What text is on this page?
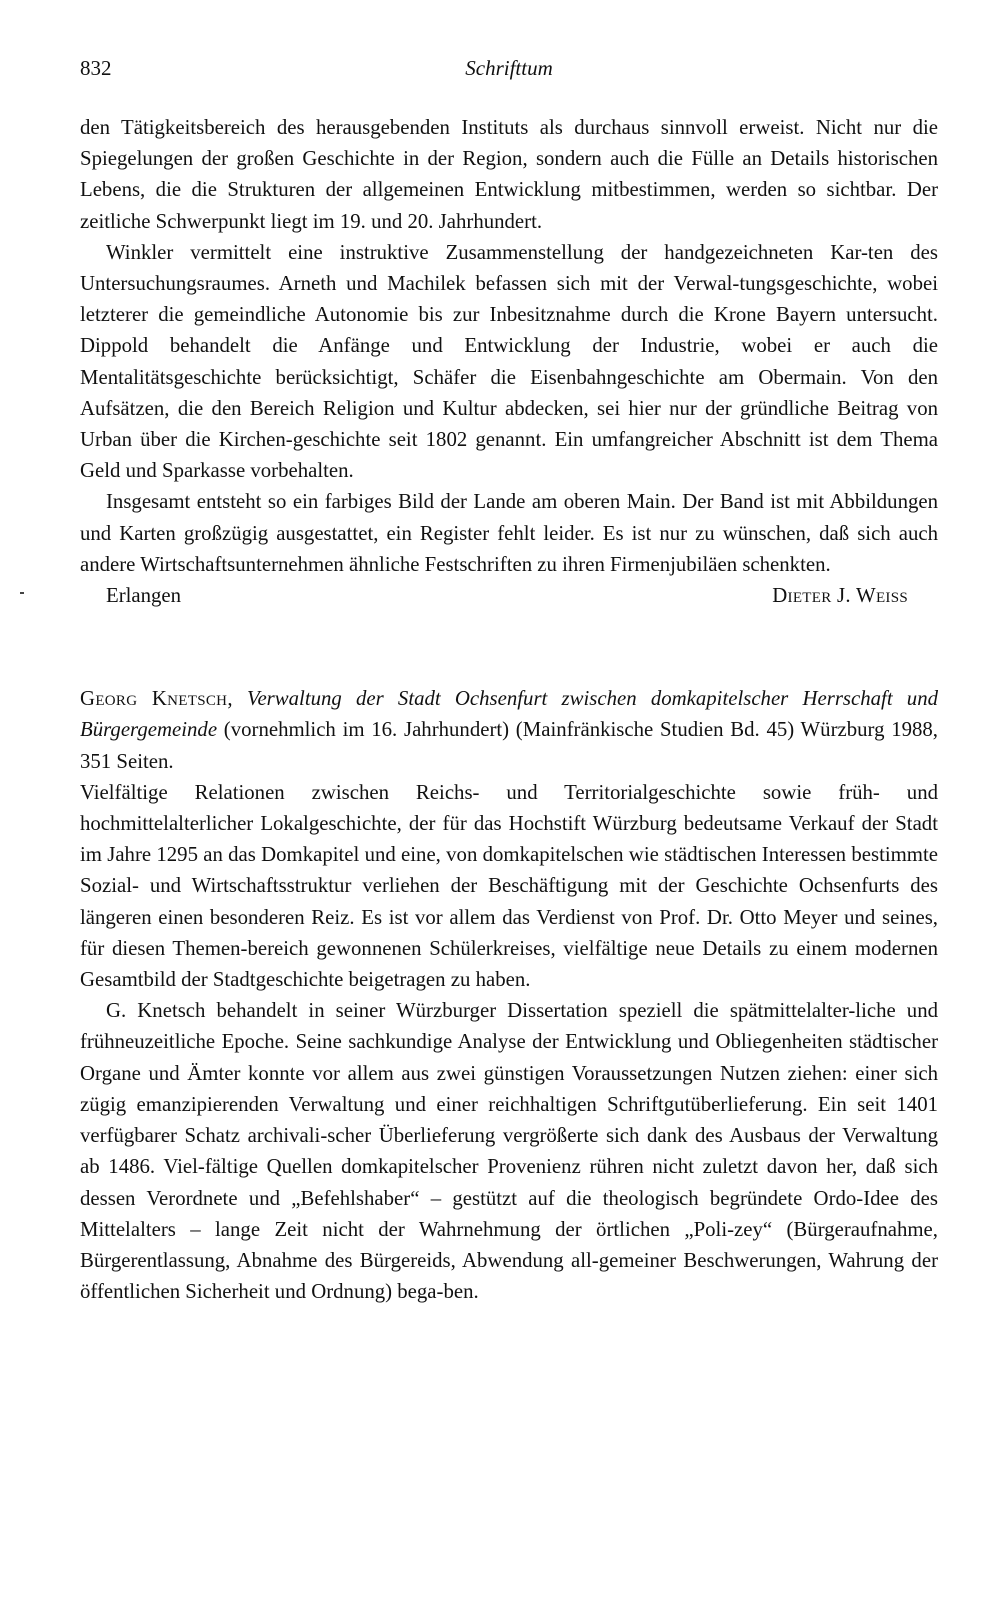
832	Schrifttum

den Tätigkeitsbereich des herausgebenden Instituts als durchaus sinnvoll erweist. Nicht nur die Spiegelungen der großen Geschichte in der Region, sondern auch die Fülle an Details historischen Lebens, die die Strukturen der allgemeinen Entwicklung mitbestimmen, werden so sichtbar. Der zeitliche Schwerpunkt liegt im 19. und 20. Jahrhundert.

Winkler vermittelt eine instruktive Zusammenstellung der handgezeichneten Kar-ten des Untersuchungsraumes. Arneth und Machilek befassen sich mit der Verwal-tungsgeschichte, wobei letzterer die gemeindliche Autonomie bis zur Inbesitznahme durch die Krone Bayern untersucht. Dippold behandelt die Anfänge und Entwicklung der Industrie, wobei er auch die Mentalitätsgeschichte berücksichtigt, Schäfer die Eisenbahngeschichte am Obermain. Von den Aufsätzen, die den Bereich Religion und Kultur abdecken, sei hier nur der gründliche Beitrag von Urban über die Kirchen-geschichte seit 1802 genannt. Ein umfangreicher Abschnitt ist dem Thema Geld und Sparkasse vorbehalten.

Insgesamt entsteht so ein farbiges Bild der Lande am oberen Main. Der Band ist mit Abbildungen und Karten großzügig ausgestattet, ein Register fehlt leider. Es ist nur zu wünschen, daß sich auch andere Wirtschaftsunternehmen ähnliche Festschriften zu ihren Firmenjubiläen schenkten.

Erlangen	Dieter J. Weiss

Georg Knetsch, Verwaltung der Stadt Ochsenfurt zwischen domkapitelscher Herrschaft und Bürgergemeinde (vornehmlich im 16. Jahrhundert) (Mainfränkische Studien Bd. 45) Würzburg 1988, 351 Seiten.

Vielfältige Relationen zwischen Reichs- und Territorialgeschichte sowie früh- und hochmittelalterlicher Lokalgeschichte, der für das Hochstift Würzburg bedeutsame Verkauf der Stadt im Jahre 1295 an das Domkapitel und eine, von domkapitelschen wie städtischen Interessen bestimmte Sozial- und Wirtschaftsstruktur verliehen der Beschäftigung mit der Geschichte Ochsenfurts des längeren einen besonderen Reiz. Es ist vor allem das Verdienst von Prof. Dr. Otto Meyer und seines, für diesen Themen-bereich gewonnenen Schülerkreises, vielfältige neue Details zu einem modernen Gesamtbild der Stadtgeschichte beigetragen zu haben.

G. Knetsch behandelt in seiner Würzburger Dissertation speziell die spätmittelalter-liche und frühneuzeitliche Epoche. Seine sachkundige Analyse der Entwicklung und Obliegenheiten städtischer Organe und Ämter konnte vor allem aus zwei günstigen Voraussetzungen Nutzen ziehen: einer sich zügig emanzipierenden Verwaltung und einer reichhaltigen Schriftgutüberlieferung. Ein seit 1401 verfügbarer Schatz archivali-scher Überlieferung vergrößerte sich dank des Ausbaus der Verwaltung ab 1486. Viel-fältige Quellen domkapitelscher Provenienz rühren nicht zuletzt davon her, daß sich dessen Verordnete und „Befehlshaber“ – gestützt auf die theologisch begründete Ordo-Idee des Mittelalters – lange Zeit nicht der Wahrnehmung der örtlichen „Poli-zey“ (Bürgeraufnahme, Bürgerentlassung, Abnahme des Bürgereids, Abwendung all-gemeiner Beschwerungen, Wahrung der öffentlichen Sicherheit und Ordnung) bega-ben.
